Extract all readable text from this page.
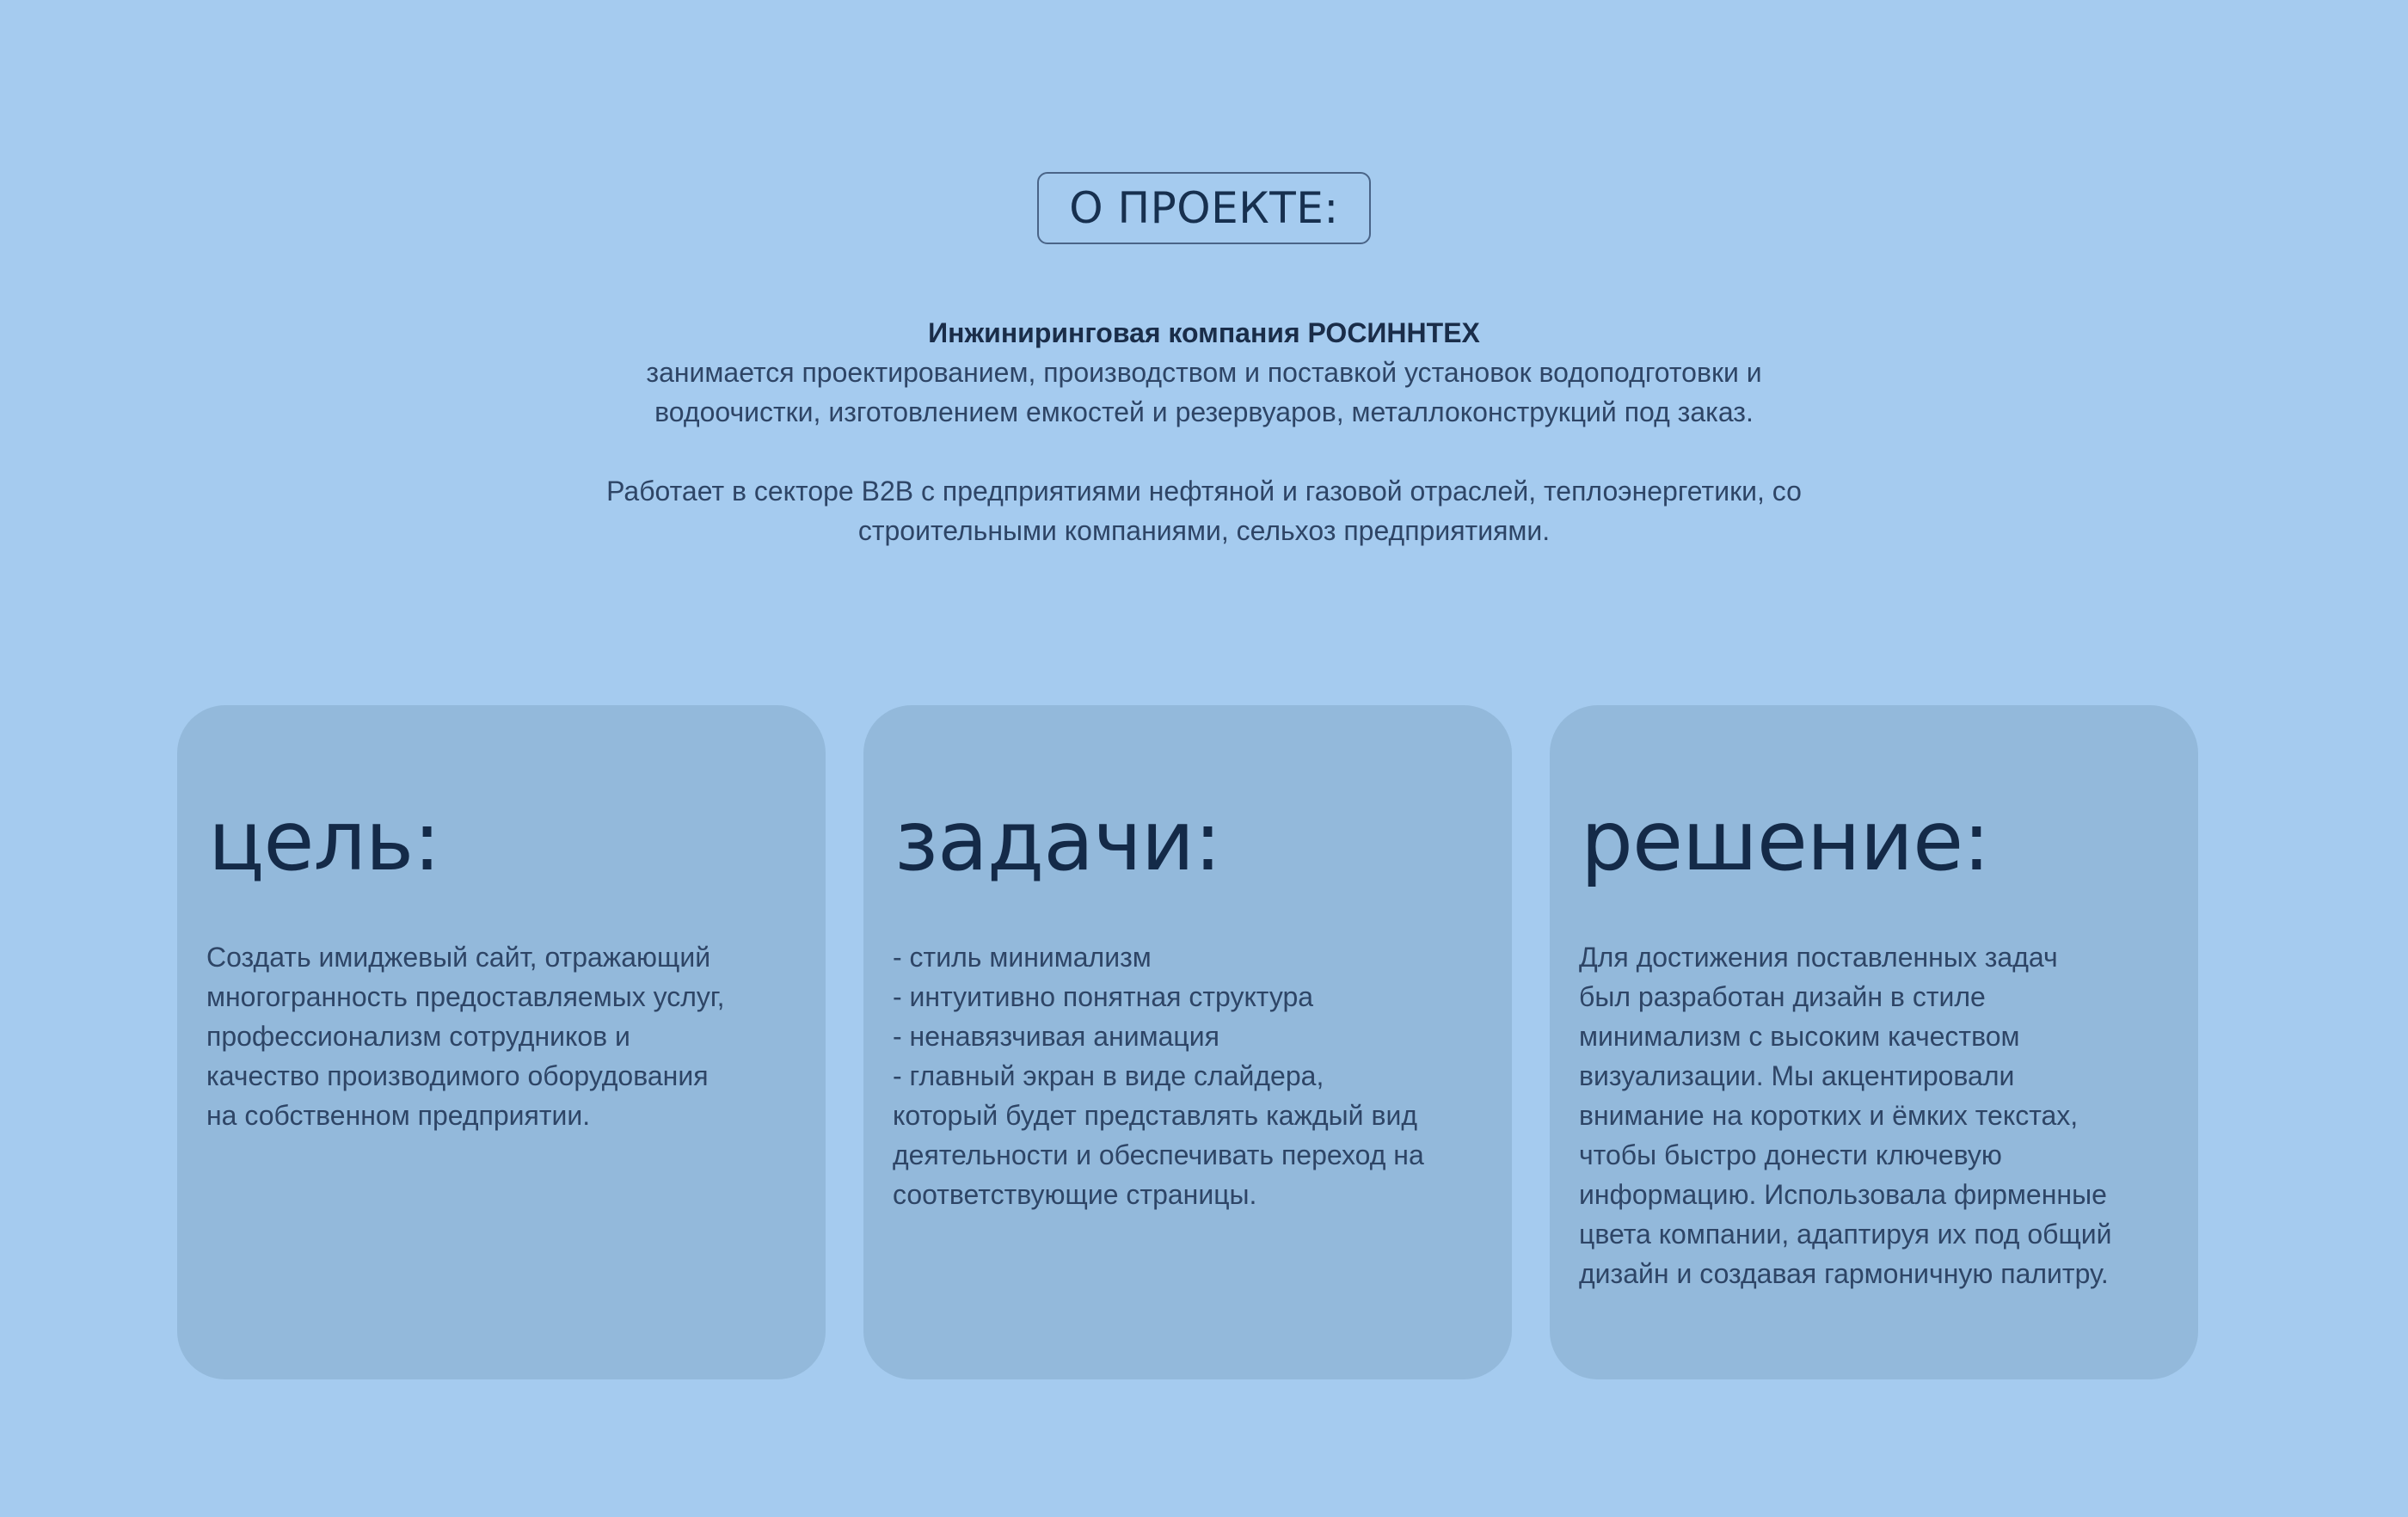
О ПРОЕКТЕ:

Инжиниринговая компания РОСИННТЕХ

занимается проектированием, производством и поставкой установок водоподготовки и

водоочистки, изготовлением емкостей и резервуаров, металлоконструкций под заказ.

Работает в секторе B2B с предприятиями нефтяной и газовой отраслей, теплоэнергетики, со

строительными компаниями, сельхоз предприятиями.

цель:

Создать имиджевый сайт, отражающий
многогранность предоставляемых услуг,
профессионализм сотрудников и
качество производимого оборудования
на собственном предприятии.

задачи:

- стиль минимализм
- интуитивно понятная структура
- ненавязчивая анимация
- главный экран в виде слайдера,
который будет представлять каждый вид
деятельности и обеспечивать переход на
соответствующие страницы.

решение:

Для достижения поставленных задач
был разработан дизайн в стиле
минимализм с высоким качеством
визуализации. Мы акцентировали
внимание на коротких и ёмких текстах,
чтобы быстро донести ключевую
информацию. Использовала фирменные
цвета компании, адаптируя их под общий
дизайн и создавая гармоничную палитру.
